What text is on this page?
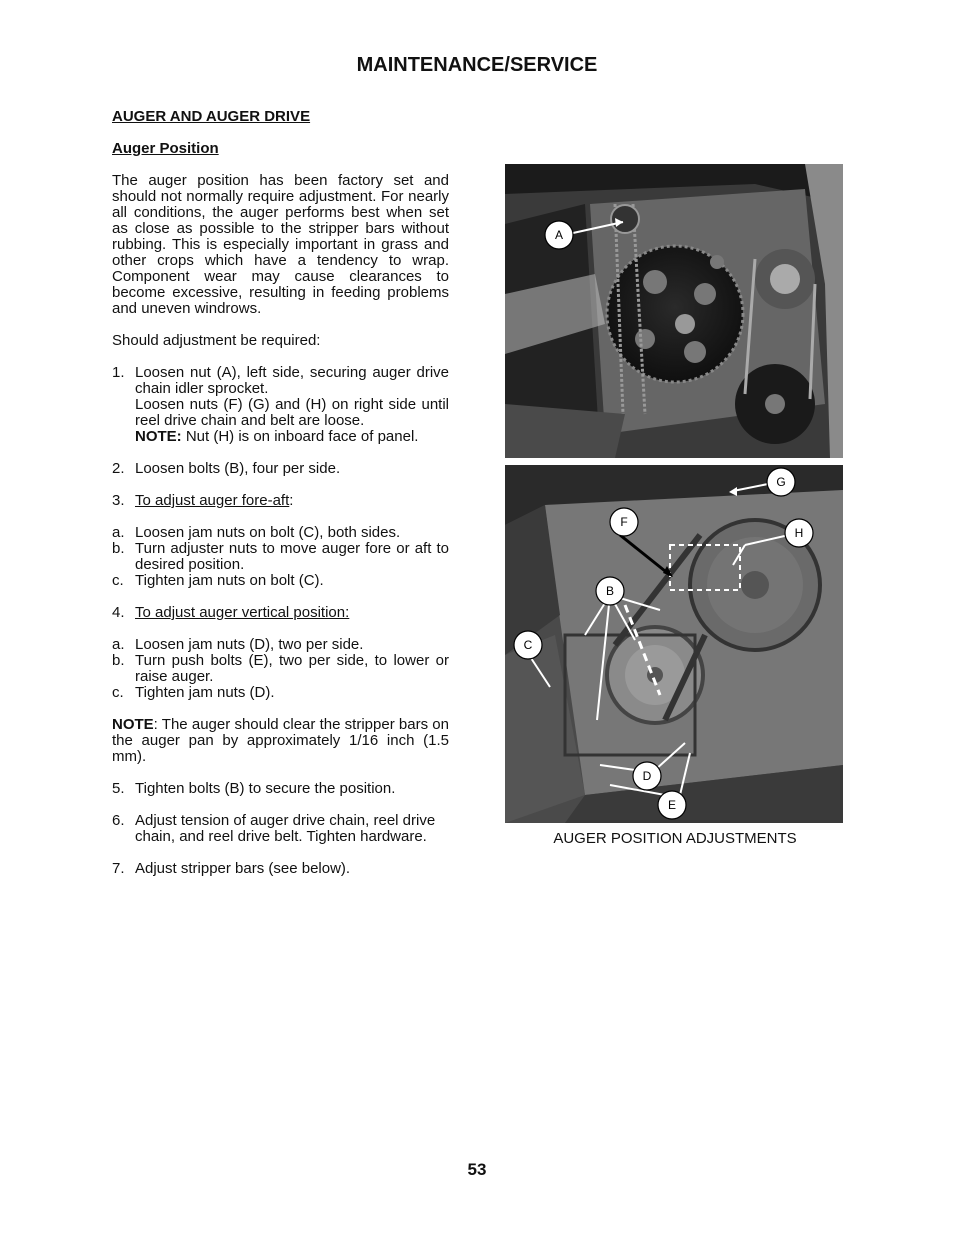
MAINTENANCE/SERVICE
AUGER AND AUGER DRIVE
Auger Position

The auger position has been factory set and should not normally require adjustment. For nearly all conditions, the auger performs best when set as close as possible to the stripper bars without rubbing. This is especially important in grass and other crops which have a tendency to wrap. Component wear may cause clearances to become excessive, resulting in feeding problems and uneven windrows.

Should adjustment be required:

1. Loosen nut (A), left side, securing auger drive chain idler sprocket.
Loosen nuts (F) (G) and (H) on right side until reel drive chain and belt are loose.
NOTE: Nut (H) is on inboard face of panel.
2. Loosen bolts (B), four per side.
3. To adjust auger fore-aft:
a. Loosen jam nuts on bolt (C), both sides.
b. Turn adjuster nuts to move auger fore or aft to desired position.
c. Tighten jam nuts on bolt (C).
4. To adjust auger vertical position:
a. Loosen jam nuts (D), two per side.
b. Turn push bolts (E), two per side, to lower or raise auger.
c. Tighten jam nuts (D).

NOTE: The auger should clear the stripper bars on the auger pan by approximately 1/16 inch (1.5 mm).

5. Tighten bolts (B) to secure the position.
6. Adjust tension of auger drive chain, reel drive chain, and reel drive belt. Tighten hardware.
7. Adjust stripper bars (see below).
A
G
F
H
B
C
D
E
AUGER POSITION ADJUSTMENTS
53
